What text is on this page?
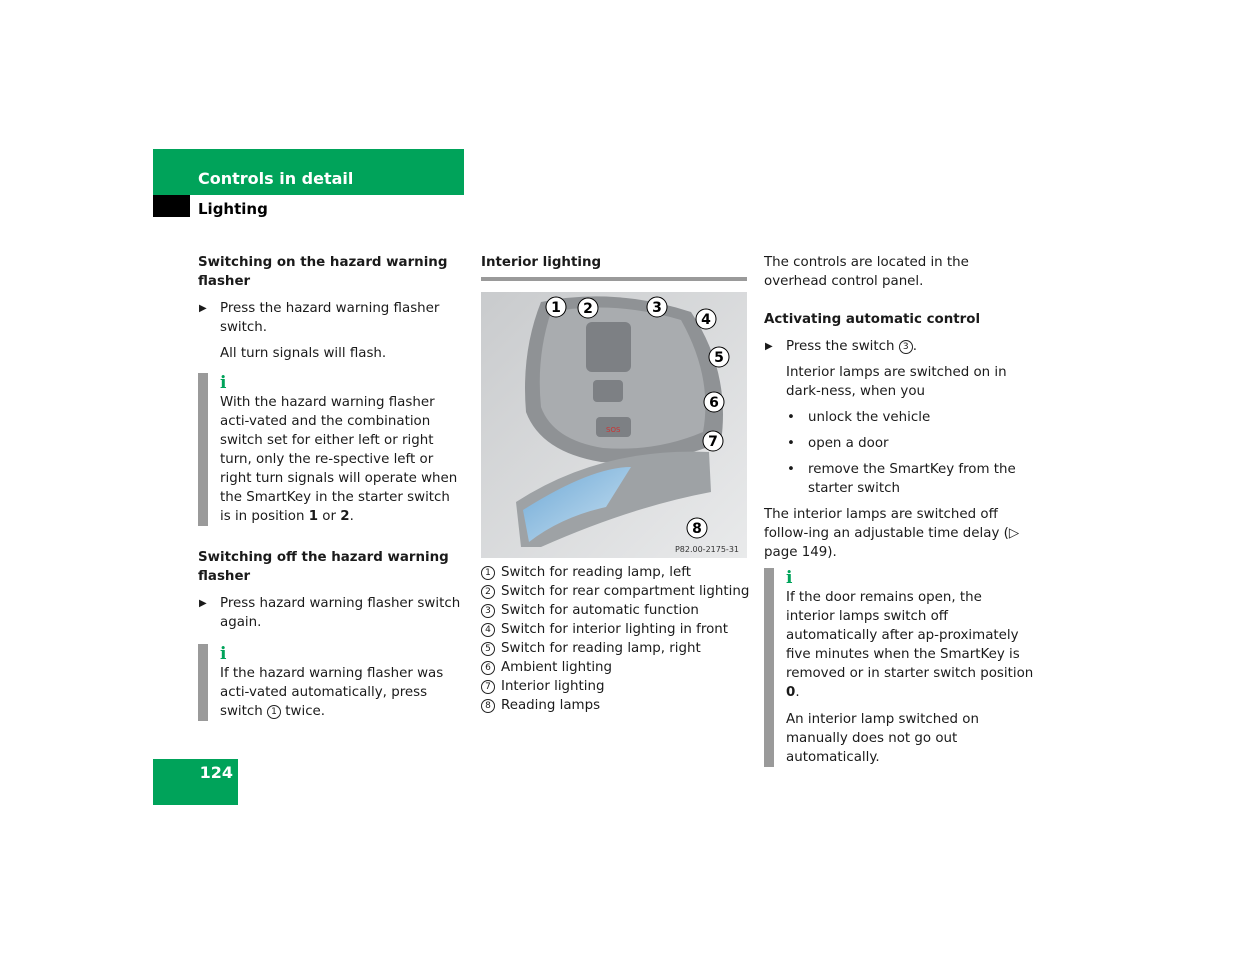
Controls in detail
Lighting

Switching on the hazard warning flasher

▶ Press the hazard warning flasher switch.

All turn signals will flash.

i

With the hazard warning flasher acti-vated and the combination switch set for either left or right turn, only the re-spective left or right turn signals will operate when the SmartKey in the starter switch is in position 1 or 2.

Switching off the hazard warning flasher

▶ Press hazard warning flasher switch again.
i

If the hazard warning flasher was acti-vated automatically, press switch 1 twice.

Interior lighting

SOS
1 2	3
4
5
6
7
8
P82.00-2175-31
1 Switch for reading lamp, left
2 Switch for rear compartment lighting
3 Switch for automatic function
4 Switch for interior lighting in front
5 Switch for reading lamp, right
6 Ambient lighting
7 Interior lighting
8 Reading lamps

The controls are located in the overhead control panel.

Activating automatic control

▶ Press the switch 3 .

Interior lamps are switched on in dark-ness, when you

• unlock the vehicle
• open a door
• remove the SmartKey from the starter switch

The interior lamps are switched off follow-ing an adjustable time delay (▷ page 149).

i

If the door remains open, the interior lamps switch off automatically after ap-proximately five minutes when the SmartKey is removed or in starter switch position 0.

An interior lamp switched on manually does not go out automatically.

124
